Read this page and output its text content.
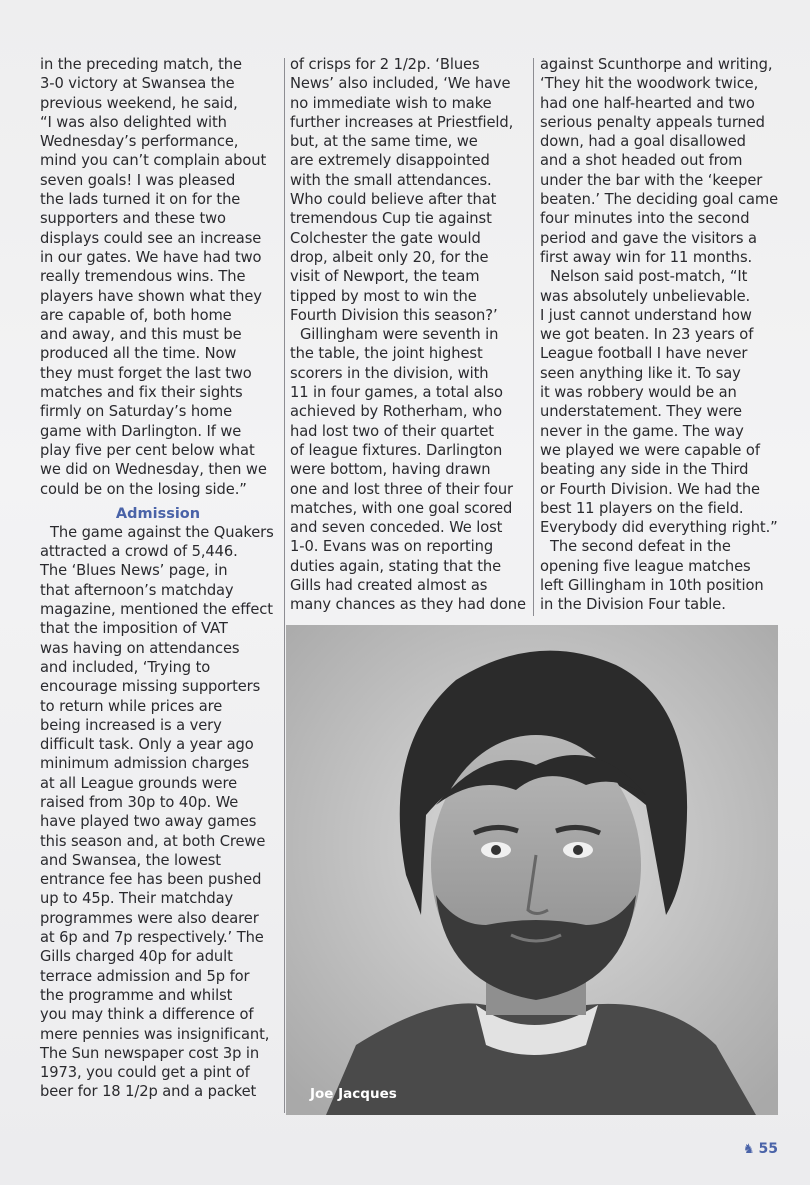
in the preceding match, the
3-0 victory at Swansea the
previous weekend, he said,
“I was also delighted with
Wednesday’s performance,
mind you can’t complain about
seven goals! I was pleased
the lads turned it on for the
supporters and these two
displays could see an increase
in our gates. We have had two
really tremendous wins. The
players have shown what they
are capable of, both home
and away, and this must be
produced all the time. Now
they must forget the last two
matches and fix their sights
firmly on Saturday’s home
game with Darlington. If we
play five per cent below what
we did on Wednesday, then we
could be on the losing side.”
Admission
The game against the Quakers
attracted a crowd of 5,446.
The ‘Blues News’ page, in
that afternoon’s matchday
magazine, mentioned the effect
that the imposition of VAT
was having on attendances
and included, ‘Trying to
encourage missing supporters
to return while prices are
being increased is a very
difficult task. Only a year ago
minimum admission charges
at all League grounds were
raised from 30p to 40p. We
have played two away games
this season and, at both Crewe
and Swansea, the lowest
entrance fee has been pushed
up to 45p. Their matchday
programmes were also dearer
at 6p and 7p respectively.’ The
Gills charged 40p for adult
terrace admission and 5p for
the programme and whilst
you may think a difference of
mere pennies was insignificant,
The Sun newspaper cost 3p in
1973, you could get a pint of
beer for 18 1/2p and a packet
of crisps for 2 1/2p. ‘Blues
News’ also included, ‘We have
no immediate wish to make
further increases at Priestfield,
but, at the same time, we
are extremely disappointed
with the small attendances.
Who could believe after that
tremendous Cup tie against
Colchester the gate would
drop, albeit only 20, for the
visit of Newport, the team
tipped by most to win the
Fourth Division this season?’
Gillingham were seventh in
the table, the joint highest
scorers in the division, with
11 in four games, a total also
achieved by Rotherham, who
had lost two of their quartet
of league fixtures. Darlington
were bottom, having drawn
one and lost three of their four
matches, with one goal scored
and seven conceded. We lost
1-0. Evans was on reporting
duties again, stating that the
Gills had created almost as
many chances as they had done
against Scunthorpe and writing,
‘They hit the woodwork twice,
had one half-hearted and two
serious penalty appeals turned
down, had a goal disallowed
and a shot headed out from
under the bar with the ‘keeper
beaten.’ The deciding goal came
four minutes into the second
period and gave the visitors a
first away win for 11 months.
Nelson said post-match, “It
was absolutely unbelievable.
I just cannot understand how
we got beaten. In 23 years of
League football I have never
seen anything like it. To say
it was robbery would be an
understatement. They were
never in the game. The way
we played we were capable of
beating any side in the Third
or Fourth Division. We had the
best 11 players on the field.
Everybody did everything right.”
The second defeat in the
opening five league matches
left Gillingham in 10th position
in the Division Four table.
Joe Jacques
♞ 55
